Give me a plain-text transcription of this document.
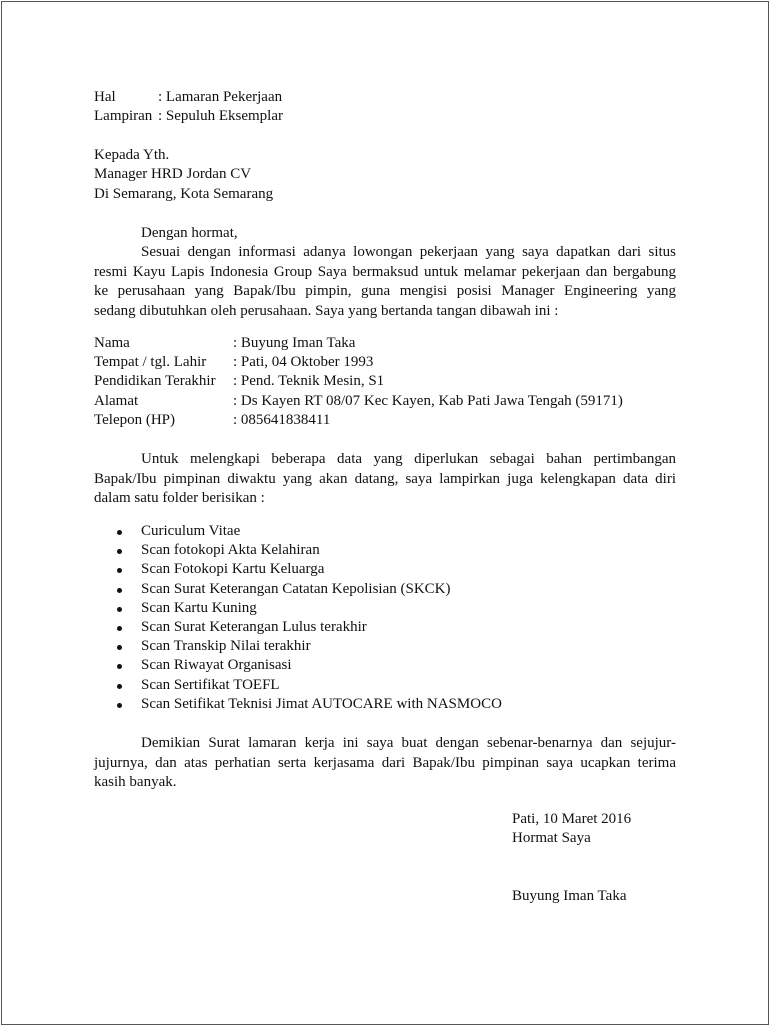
Hal	: Lamaran Pekerjaan
Lampiran : Sepuluh Eksemplar
Kepada Yth.
Manager HRD Jordan CV
Di Semarang, Kota Semarang
Dengan hormat,
Sesuai dengan informasi adanya lowongan pekerjaan yang saya dapatkan dari situs
resmi Kayu Lapis Indonesia Group Saya bermaksud untuk melamar pekerjaan dan bergabung
ke perusahaan yang Bapak/Ibu pimpin, guna mengisi posisi Manager Engineering yang
sedang dibutuhkan oleh perusahaan. Saya yang bertanda tangan dibawah ini :
Nama	: Buyung Iman Taka
Tempat / tgl. Lahir : Pati, 04 Oktober 1993
Pendidikan Terakhir : Pend. Teknik Mesin, S1
Alamat	: Ds Kayen RT 08/07 Kec Kayen, Kab Pati Jawa Tengah (59171)
Telepon (HP)	: 085641838411
Untuk melengkapi beberapa data yang diperlukan sebagai bahan pertimbangan
Bapak/Ibu pimpinan diwaktu yang akan datang, saya lampirkan juga kelengkapan data diri
dalam satu folder berisikan :
Curiculum Vitae
Scan fotokopi Akta Kelahiran
Scan Fotokopi Kartu Keluarga
Scan Surat Keterangan Catatan Kepolisian (SKCK)
Scan Kartu Kuning
Scan Surat Keterangan Lulus terakhir
Scan Transkip Nilai terakhir
Scan Riwayat Organisasi
Scan Sertifikat TOEFL
Scan Setifikat Teknisi Jimat AUTOCARE with NASMOCO
Demikian Surat lamaran kerja ini saya buat dengan sebenar-benarnya dan sejujur-
jujurnya, dan atas perhatian serta kerjasama dari Bapak/Ibu pimpinan saya ucapkan terima
kasih banyak.
Pati, 10 Maret 2016
Hormat Saya
Buyung Iman Taka
